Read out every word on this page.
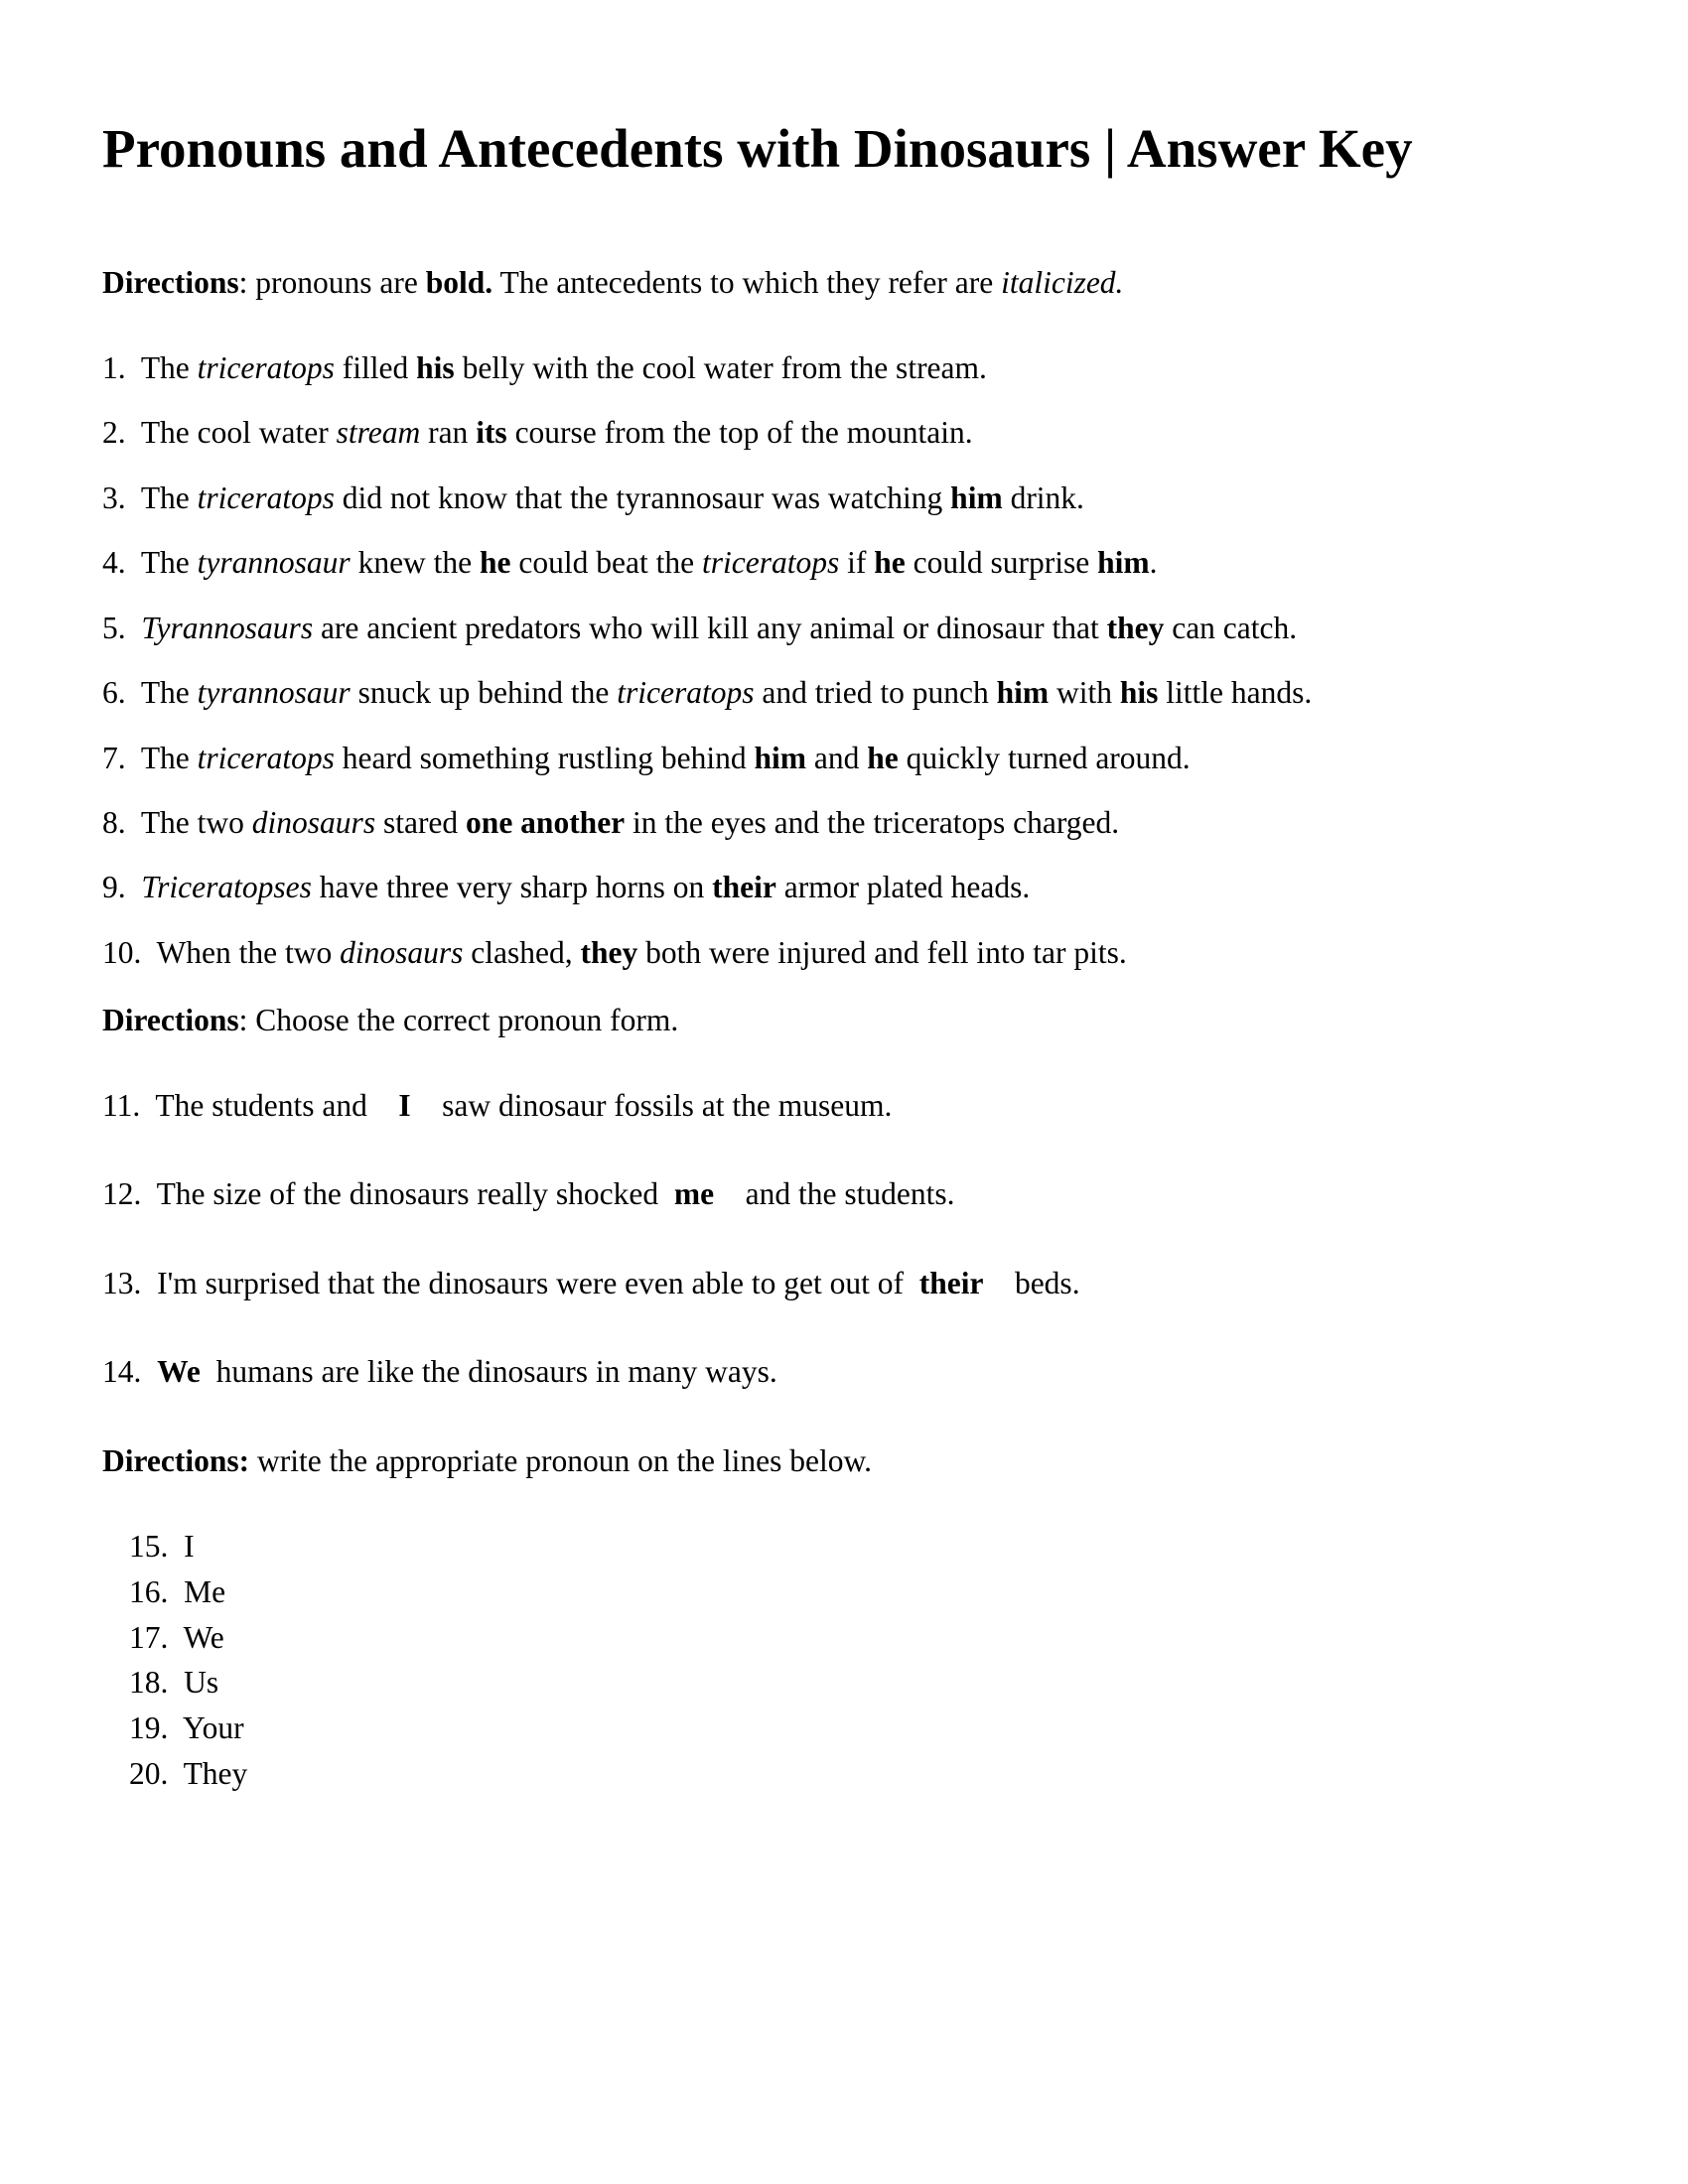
Pronouns and Antecedents with Dinosaurs | Answer Key

Directions: pronouns are bold. The antecedents to which they refer are italicized.

1.  The triceratops filled his belly with the cool water from the stream.

2.  The cool water stream ran its course from the top of the mountain.

3.  The triceratops did not know that the tyrannosaur was watching him drink.

4.  The tyrannosaur knew the he could beat the triceratops if he could surprise him.

5.  Tyrannosaurs are ancient predators who will kill any animal or dinosaur that they can catch.

6.  The tyrannosaur snuck up behind the triceratops and tried to punch him with his little hands.

7.  The triceratops heard something rustling behind him and he quickly turned around.

8.  The two dinosaurs stared one another in the eyes and the triceratops charged.

9.  Triceratopses have three very sharp horns on their armor plated heads.

10.  When the two dinosaurs clashed, they both were injured and fell into tar pits.

Directions: Choose the correct pronoun form.

11.  The students and    I    saw dinosaur fossils at the museum.

12.  The size of the dinosaurs really shocked  me    and the students.

13.  I'm surprised that the dinosaurs were even able to get out of  their    beds.

14.  We  humans are like the dinosaurs in many ways.

Directions: write the appropriate pronoun on the lines below.

15.  I

16.  Me

17.  We

18.  Us

19.  Your

20.  They
